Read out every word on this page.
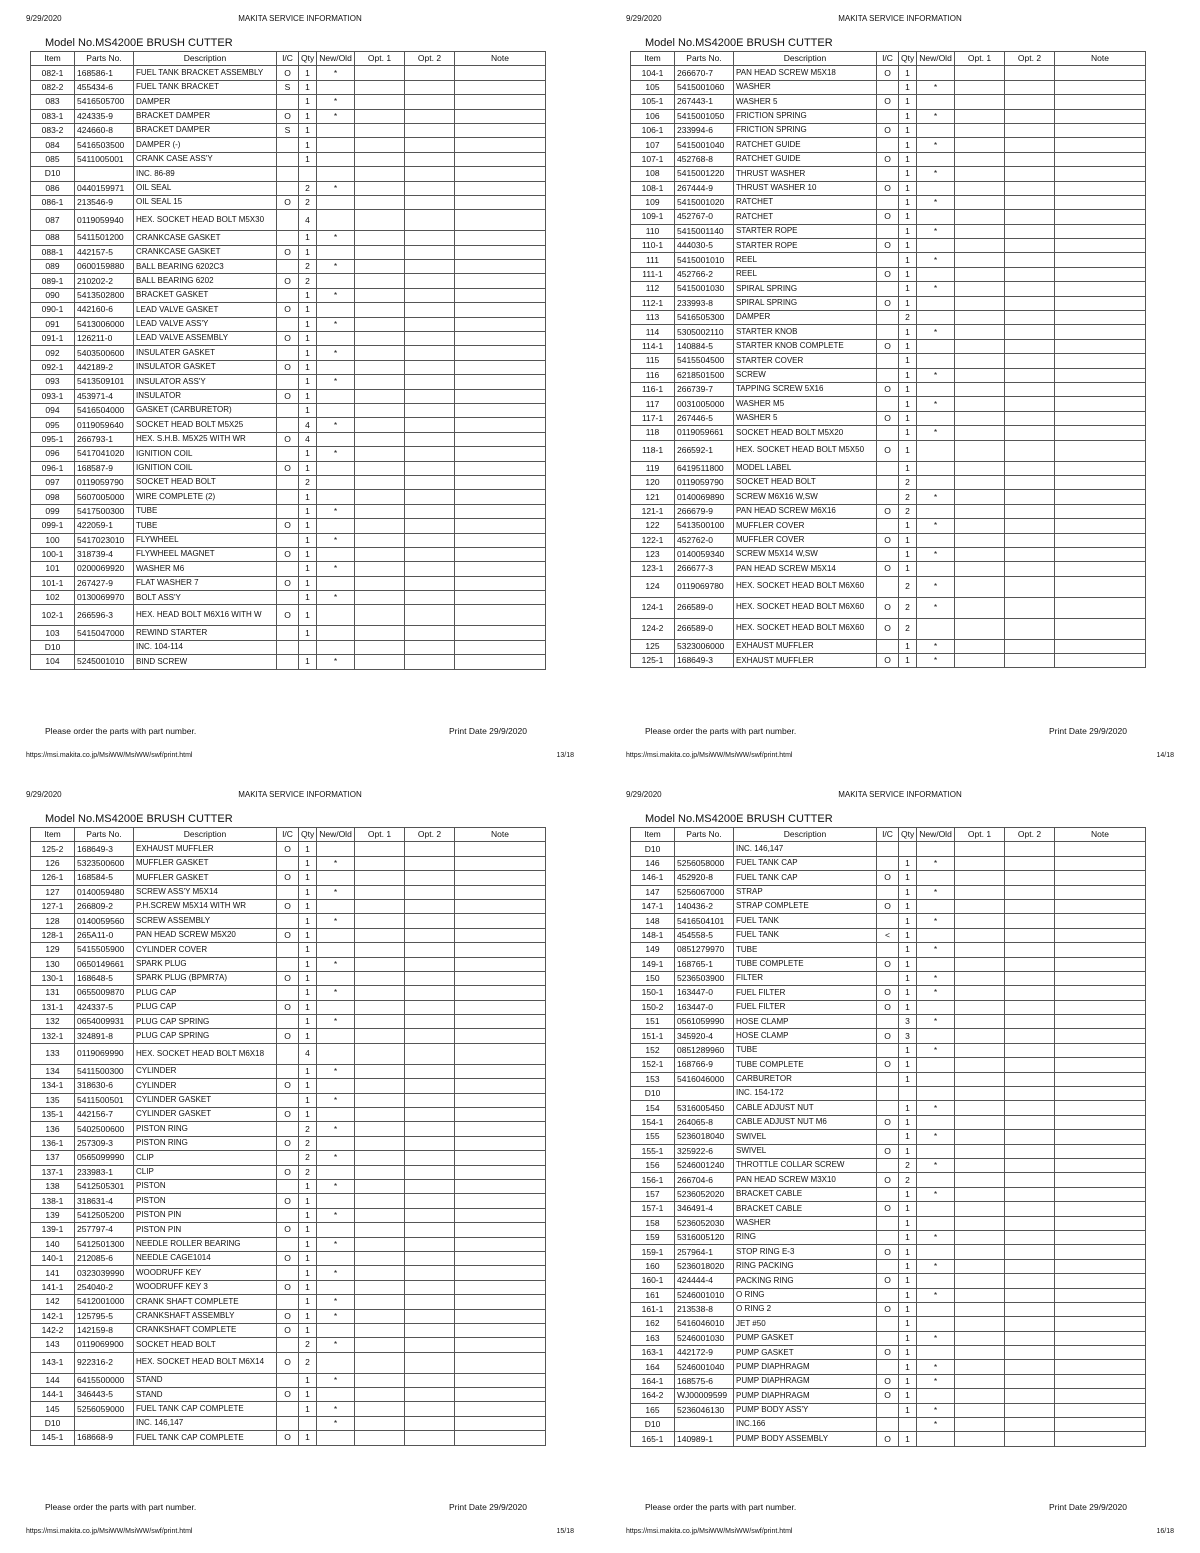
9/29/2020	MAKITA SERVICE INFORMATION
Model No.MS4200E BRUSH CUTTER
Item	Parts No.	Description	I/C	Qty	New/Old	Opt. 1	Opt. 2	Note
082-1	168586-1	FUEL TANK BRACKET ASSEMBLY	O	1	*			
082-2	455434-6	FUEL TANK BRACKET	S	1				
083	5416505700	DAMPER		1	*			
083-1	424335-9	BRACKET DAMPER	O	1	*			
083-2	424660-8	BRACKET DAMPER	S	1				
084	5416503500	DAMPER (-)		1				
085	5411005001	CRANK CASE ASS'Y		1				
D10		INC. 86-89						
086	0440159971	OIL SEAL		2	*			
086-1	213546-9	OIL SEAL 15	O	2				
087	0119059940	HEX. SOCKET HEAD BOLT M5X30		4				
088	5411501200	CRANKCASE GASKET		1	*			
088-1	442157-5	CRANKCASE GASKET	O	1				
089	0600159880	BALL BEARING 6202C3		2	*			
089-1	210202-2	BALL BEARING 6202	O	2				
090	5413502800	BRACKET GASKET		1	*			
090-1	442160-6	LEAD VALVE GASKET	O	1				
091	5413006000	LEAD VALVE ASS'Y		1	*			
091-1	126211-0	LEAD VALVE ASSEMBLY	O	1				
092	5403500600	INSULATER GASKET		1	*			
092-1	442189-2	INSULATOR GASKET	O	1				
093	5413509101	INSULATOR ASS'Y		1	*			
093-1	453971-4	INSULATOR	O	1				
094	5416504000	GASKET (CARBURETOR)		1				
095	0119059640	SOCKET HEAD BOLT M5X25		4	*			
095-1	266793-1	HEX. S.H.B. M5X25 WITH WR	O	4				
096	5417041020	IGNITION COIL		1	*			
096-1	168587-9	IGNITION COIL	O	1				
097	0119059790	SOCKET HEAD BOLT		2				
098	5607005000	WIRE COMPLETE (2)		1				
099	5417500300	TUBE		1	*			
099-1	422059-1	TUBE	O	1				
100	5417023010	FLYWHEEL		1	*			
100-1	318739-4	FLYWHEEL MAGNET	O	1				
101	0200069920	WASHER M6		1	*			
101-1	267427-9	FLAT WASHER 7	O	1				
102	0130069970	BOLT ASS'Y		1	*			
102-1	266596-3	HEX. HEAD BOLT M6X16 WITH W	O	1				
103	5415047000	REWIND STARTER		1				
D10		INC. 104-114						
104	5245001010	BIND SCREW		1	*			
Please order the parts with part number.	Print Date 29/9/2020
https://msi.makita.co.jp/MsiWW/MsiWW/swf/print.html	13/18
9/29/2020	MAKITA SERVICE INFORMATION
Model No.MS4200E BRUSH CUTTER
Item	Parts No.	Description	I/C	Qty	New/Old	Opt. 1	Opt. 2	Note
104-1	266670-7	PAN HEAD SCREW M5X18	O	1				
105	5415001060	WASHER		1	*			
105-1	267443-1	WASHER 5	O	1				
106	5415001050	FRICTION SPRING		1	*			
106-1	233994-6	FRICTION SPRING	O	1				
107	5415001040	RATCHET GUIDE		1	*			
107-1	452768-8	RATCHET GUIDE	O	1				
108	5415001220	THRUST WASHER		1	*			
108-1	267444-9	THRUST WASHER 10	O	1				
109	5415001020	RATCHET		1	*			
109-1	452767-0	RATCHET	O	1				
110	5415001140	STARTER ROPE		1	*			
110-1	444030-5	STARTER ROPE	O	1				
111	5415001010	REEL		1	*			
111-1	452766-2	REEL	O	1				
112	5415001030	SPIRAL SPRING		1	*			
112-1	233993-8	SPIRAL SPRING	O	1				
113	5416505300	DAMPER		2				
114	5305002110	STARTER KNOB		1	*			
114-1	140884-5	STARTER KNOB COMPLETE	O	1				
115	5415504500	STARTER COVER		1				
116	6218501500	SCREW		1	*			
116-1	266739-7	TAPPING SCREW 5X16	O	1				
117	0031005000	WASHER M5		1	*			
117-1	267446-5	WASHER 5	O	1				
118	0119059661	SOCKET HEAD BOLT M5X20		1	*			
118-1	266592-1	HEX. SOCKET HEAD BOLT M5X50	O	1				
119	6419511800	MODEL LABEL		1				
120	0119059790	SOCKET HEAD BOLT		2				
121	0140069890	SCREW M6X16 W,SW		2	*			
121-1	266679-9	PAN HEAD SCREW M6X16	O	2				
122	5413500100	MUFFLER COVER		1	*			
122-1	452762-0	MUFFLER COVER	O	1				
123	0140059340	SCREW M5X14 W,SW		1	*			
123-1	266677-3	PAN HEAD SCREW M5X14	O	1				
124	0119069780	HEX. SOCKET HEAD BOLT M6X60		2	*			
124-1	266589-0	HEX. SOCKET HEAD BOLT M6X60	O	2	*			
124-2	266589-0	HEX. SOCKET HEAD BOLT M6X60	O	2				
125	5323006000	EXHAUST MUFFLER		1	*			
125-1	168649-3	EXHAUST MUFFLER	O	1	*			
Please order the parts with part number.	Print Date 29/9/2020
https://msi.makita.co.jp/MsiWW/MsiWW/swf/print.html	14/18
9/29/2020	MAKITA SERVICE INFORMATION
Model No.MS4200E BRUSH CUTTER
Item	Parts No.	Description	I/C	Qty	New/Old	Opt. 1	Opt. 2	Note
125-2	168649-3	EXHAUST MUFFLER	O	1				
126	5323500600	MUFFLER GASKET		1	*			
126-1	168584-5	MUFFLER GASKET	O	1				
127	0140059480	SCREW ASS'Y M5X14		1	*			
127-1	266809-2	P.H.SCREW M5X14 WITH WR	O	1				
128	0140059560	SCREW ASSEMBLY		1	*			
128-1	265A11-0	PAN HEAD SCREW M5X20	O	1				
129	5415505900	CYLINDER COVER		1				
130	0650149661	SPARK PLUG		1	*			
130-1	168648-5	SPARK PLUG (BPMR7A)	O	1				
131	0655009870	PLUG CAP		1	*			
131-1	424337-5	PLUG CAP	O	1				
132	0654009931	PLUG CAP SPRING		1	*			
132-1	324891-8	PLUG CAP SPRING	O	1				
133	0119069990	HEX. SOCKET HEAD BOLT M6X18		4				
134	5411500300	CYLINDER		1	*			
134-1	318630-6	CYLINDER	O	1				
135	5411500501	CYLINDER GASKET		1	*			
135-1	442156-7	CYLINDER GASKET	O	1				
136	5402500600	PISTON RING		2	*			
136-1	257309-3	PISTON RING	O	2				
137	0565099990	CLIP		2	*			
137-1	233983-1	CLIP	O	2				
138	5412505301	PISTON		1	*			
138-1	318631-4	PISTON	O	1				
139	5412505200	PISTON PIN		1	*			
139-1	257797-4	PISTON PIN	O	1				
140	5412501300	NEEDLE ROLLER BEARING		1	*			
140-1	212085-6	NEEDLE CAGE1014	O	1				
141	0323039990	WOODRUFF KEY		1	*			
141-1	254040-2	WOODRUFF KEY 3	O	1				
142	5412001000	CRANK SHAFT COMPLETE		1	*			
142-1	125795-5	CRANKSHAFT ASSEMBLY	O	1	*			
142-2	142159-8	CRANKSHAFT COMPLETE	O	1				
143	0119069900	SOCKET HEAD BOLT		2	*			
143-1	922316-2	HEX. SOCKET HEAD BOLT M6X14	O	2				
144	6415500000	STAND		1	*			
144-1	346443-5	STAND	O	1				
145	5256059000	FUEL TANK CAP COMPLETE		1	*			
D10		INC. 146,147			*			
145-1	168668-9	FUEL TANK CAP COMPLETE	O	1				
Please order the parts with part number.	Print Date 29/9/2020
https://msi.makita.co.jp/MsiWW/MsiWW/swf/print.html	15/18
9/29/2020	MAKITA SERVICE INFORMATION
Model No.MS4200E BRUSH CUTTER
Item	Parts No.	Description	I/C	Qty	New/Old	Opt. 1	Opt. 2	Note
D10		INC. 146,147						
146	5256058000	FUEL TANK CAP		1	*			
146-1	452920-8	FUEL TANK CAP	O	1				
147	5256067000	STRAP		1	*			
147-1	140436-2	STRAP COMPLETE	O	1				
148	5416504101	FUEL TANK		1	*			
148-1	454558-5	FUEL TANK	<	1				
149	0851279970	TUBE		1	*			
149-1	168765-1	TUBE COMPLETE	O	1				
150	5236503900	FILTER		1	*			
150-1	163447-0	FUEL FILTER	O	1	*			
150-2	163447-0	FUEL FILTER	O	1				
151	0561059990	HOSE CLAMP		3	*			
151-1	345920-4	HOSE CLAMP	O	3				
152	0851289960	TUBE		1	*			
152-1	168766-9	TUBE COMPLETE	O	1				
153	5416046000	CARBURETOR		1				
D10		INC. 154-172						
154	5316005450	CABLE ADJUST NUT		1	*			
154-1	264065-8	CABLE ADJUST NUT M6	O	1				
155	5236018040	SWIVEL		1	*			
155-1	325922-6	SWIVEL	O	1				
156	5246001240	THROTTLE COLLAR SCREW		2	*			
156-1	266704-6	PAN HEAD SCREW M3X10	O	2				
157	5236052020	BRACKET CABLE		1	*			
157-1	346491-4	BRACKET CABLE	O	1				
158	5236052030	WASHER		1				
159	5316005120	RING		1	*			
159-1	257964-1	STOP RING E-3	O	1				
160	5236018020	RING PACKING		1	*			
160-1	424444-4	PACKING RING	O	1				
161	5246001010	O RING		1	*			
161-1	213538-8	O RING 2	O	1				
162	5416046010	JET #50		1				
163	5246001030	PUMP GASKET		1	*			
163-1	442172-9	PUMP GASKET	O	1				
164	5246001040	PUMP DIAPHRAGM		1	*			
164-1	168575-6	PUMP DIAPHRAGM	O	1	*			
164-2	WJ00009599	PUMP DIAPHRAGM	O	1				
165	5236046130	PUMP BODY ASS'Y		1	*			
D10		INC.166			*			
165-1	140989-1	PUMP BODY ASSEMBLY	O	1				
Please order the parts with part number.	Print Date 29/9/2020
https://msi.makita.co.jp/MsiWW/MsiWW/swf/print.html	16/18
